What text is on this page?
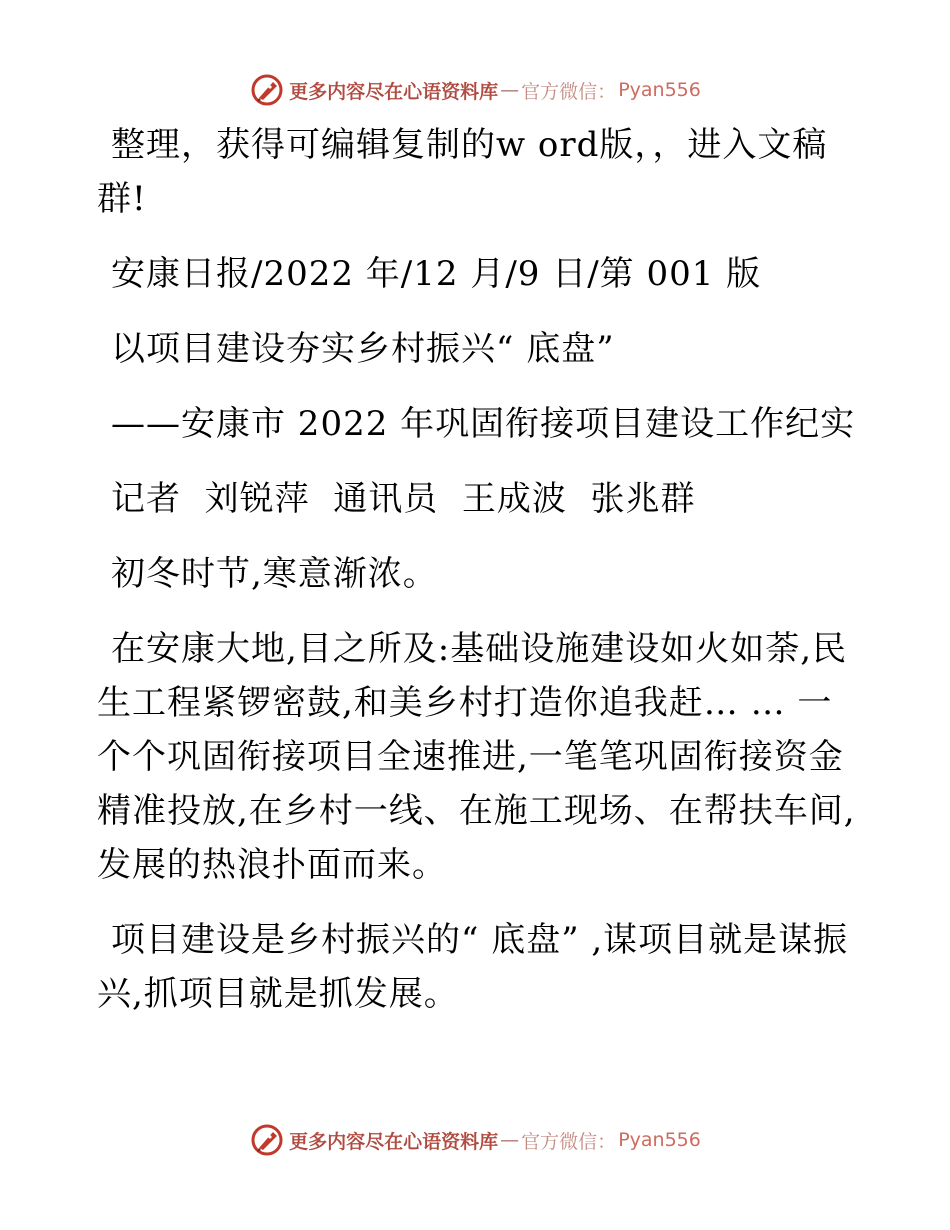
更多内容尽在心语资料库 — 官方微信： Pyan556

整理，获得可编辑复制的w ord版，，进入文稿群!

安康日报/2022 年/12 月/9 日/第 001 版

以项目建设夯实乡村振兴“ 底盘”

——安康市 2022 年巩固衔接项目建设工作纪实

记者  刘锐萍  通讯员  王成波  张兆群

初冬时节,寒意渐浓。

在安康大地,目之所及:基础设施建设如火如荼,民生工程紧锣密鼓,和美乡村打造你追我赶… … 一个个巩固衔接项目全速推进,一笔笔巩固衔接资金精准投放,在乡村一线、在施工现场、在帮扶车间,发展的热浪扑面而来。

项目建设是乡村振兴的“ 底盘” ,谋项目就是谋振兴,抓项目就是抓发展。

更多内容尽在心语资料库 — 官方微信： Pyan556
